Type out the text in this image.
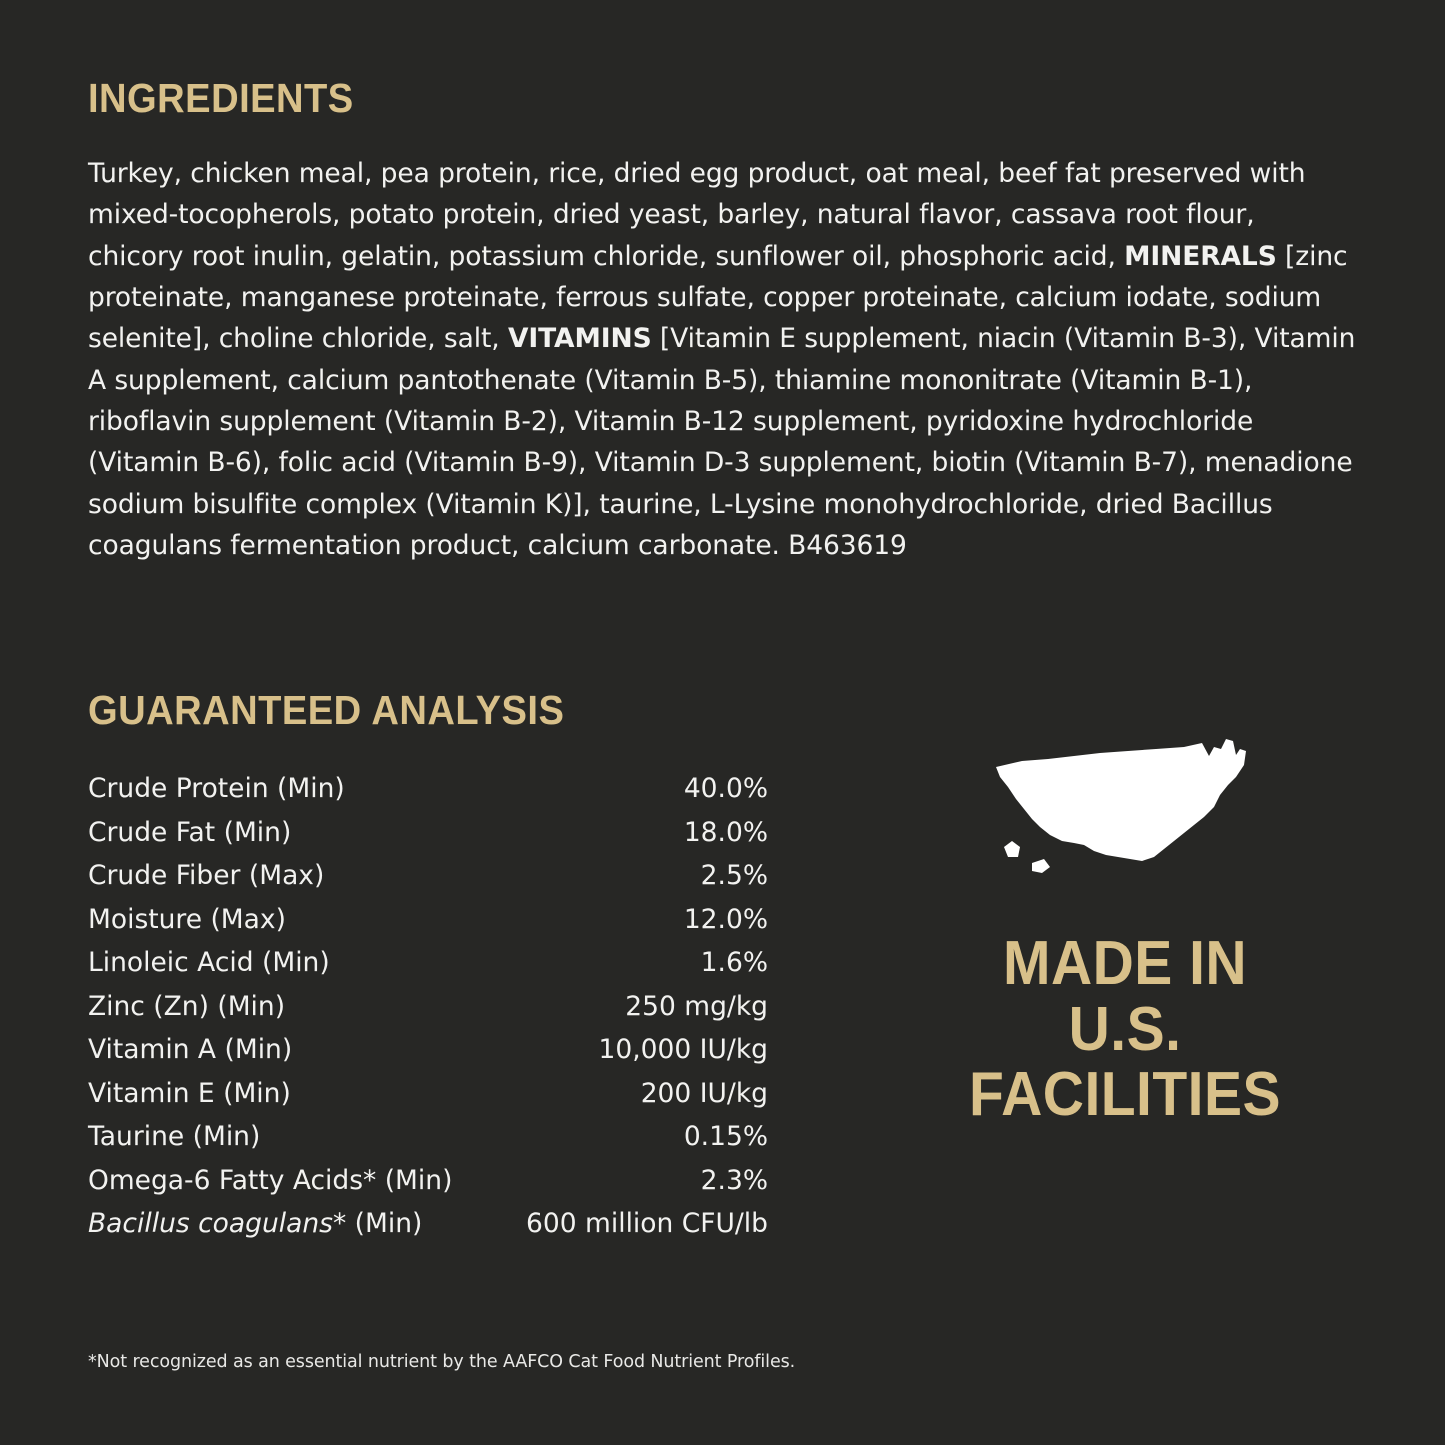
INGREDIENTS
Turkey, chicken meal, pea protein, rice, dried egg product, oat meal, beef fat preserved with mixed-tocopherols, potato protein, dried yeast, barley, natural flavor, cassava root flour, chicory root inulin, gelatin, potassium chloride, sunflower oil, phosphoric acid, MINERALS [zinc proteinate, manganese proteinate, ferrous sulfate, copper proteinate, calcium iodate, sodium selenite], choline chloride, salt, VITAMINS [Vitamin E supplement, niacin (Vitamin B-3), Vitamin A supplement, calcium pantothenate (Vitamin B-5), thiamine mononitrate (Vitamin B-1), riboflavin supplement (Vitamin B-2), Vitamin B-12 supplement, pyridoxine hydrochloride (Vitamin B-6), folic acid (Vitamin B-9), Vitamin D-3 supplement, biotin (Vitamin B-7), menadione sodium bisulfite complex (Vitamin K)], taurine, L-Lysine monohydrochloride, dried Bacillus coagulans fermentation product, calcium carbonate. B463619
GUARANTEED ANALYSIS
Crude Protein (Min)	40.0%
Crude Fat (Min)	18.0%
Crude Fiber (Max)	2.5%
Moisture (Max)	12.0%
Linoleic Acid (Min)	1.6%
Zinc (Zn) (Min)	250 mg/kg
Vitamin A (Min)	10,000 IU/kg
Vitamin E (Min)	200 IU/kg
Taurine (Min)	0.15%
Omega-6 Fatty Acids* (Min)	2.3%
Bacillus coagulans* (Min)	600 million CFU/lb
MADE IN
U.S.
FACILITIES
*Not recognized as an essential nutrient by the AAFCO Cat Food Nutrient Profiles.
